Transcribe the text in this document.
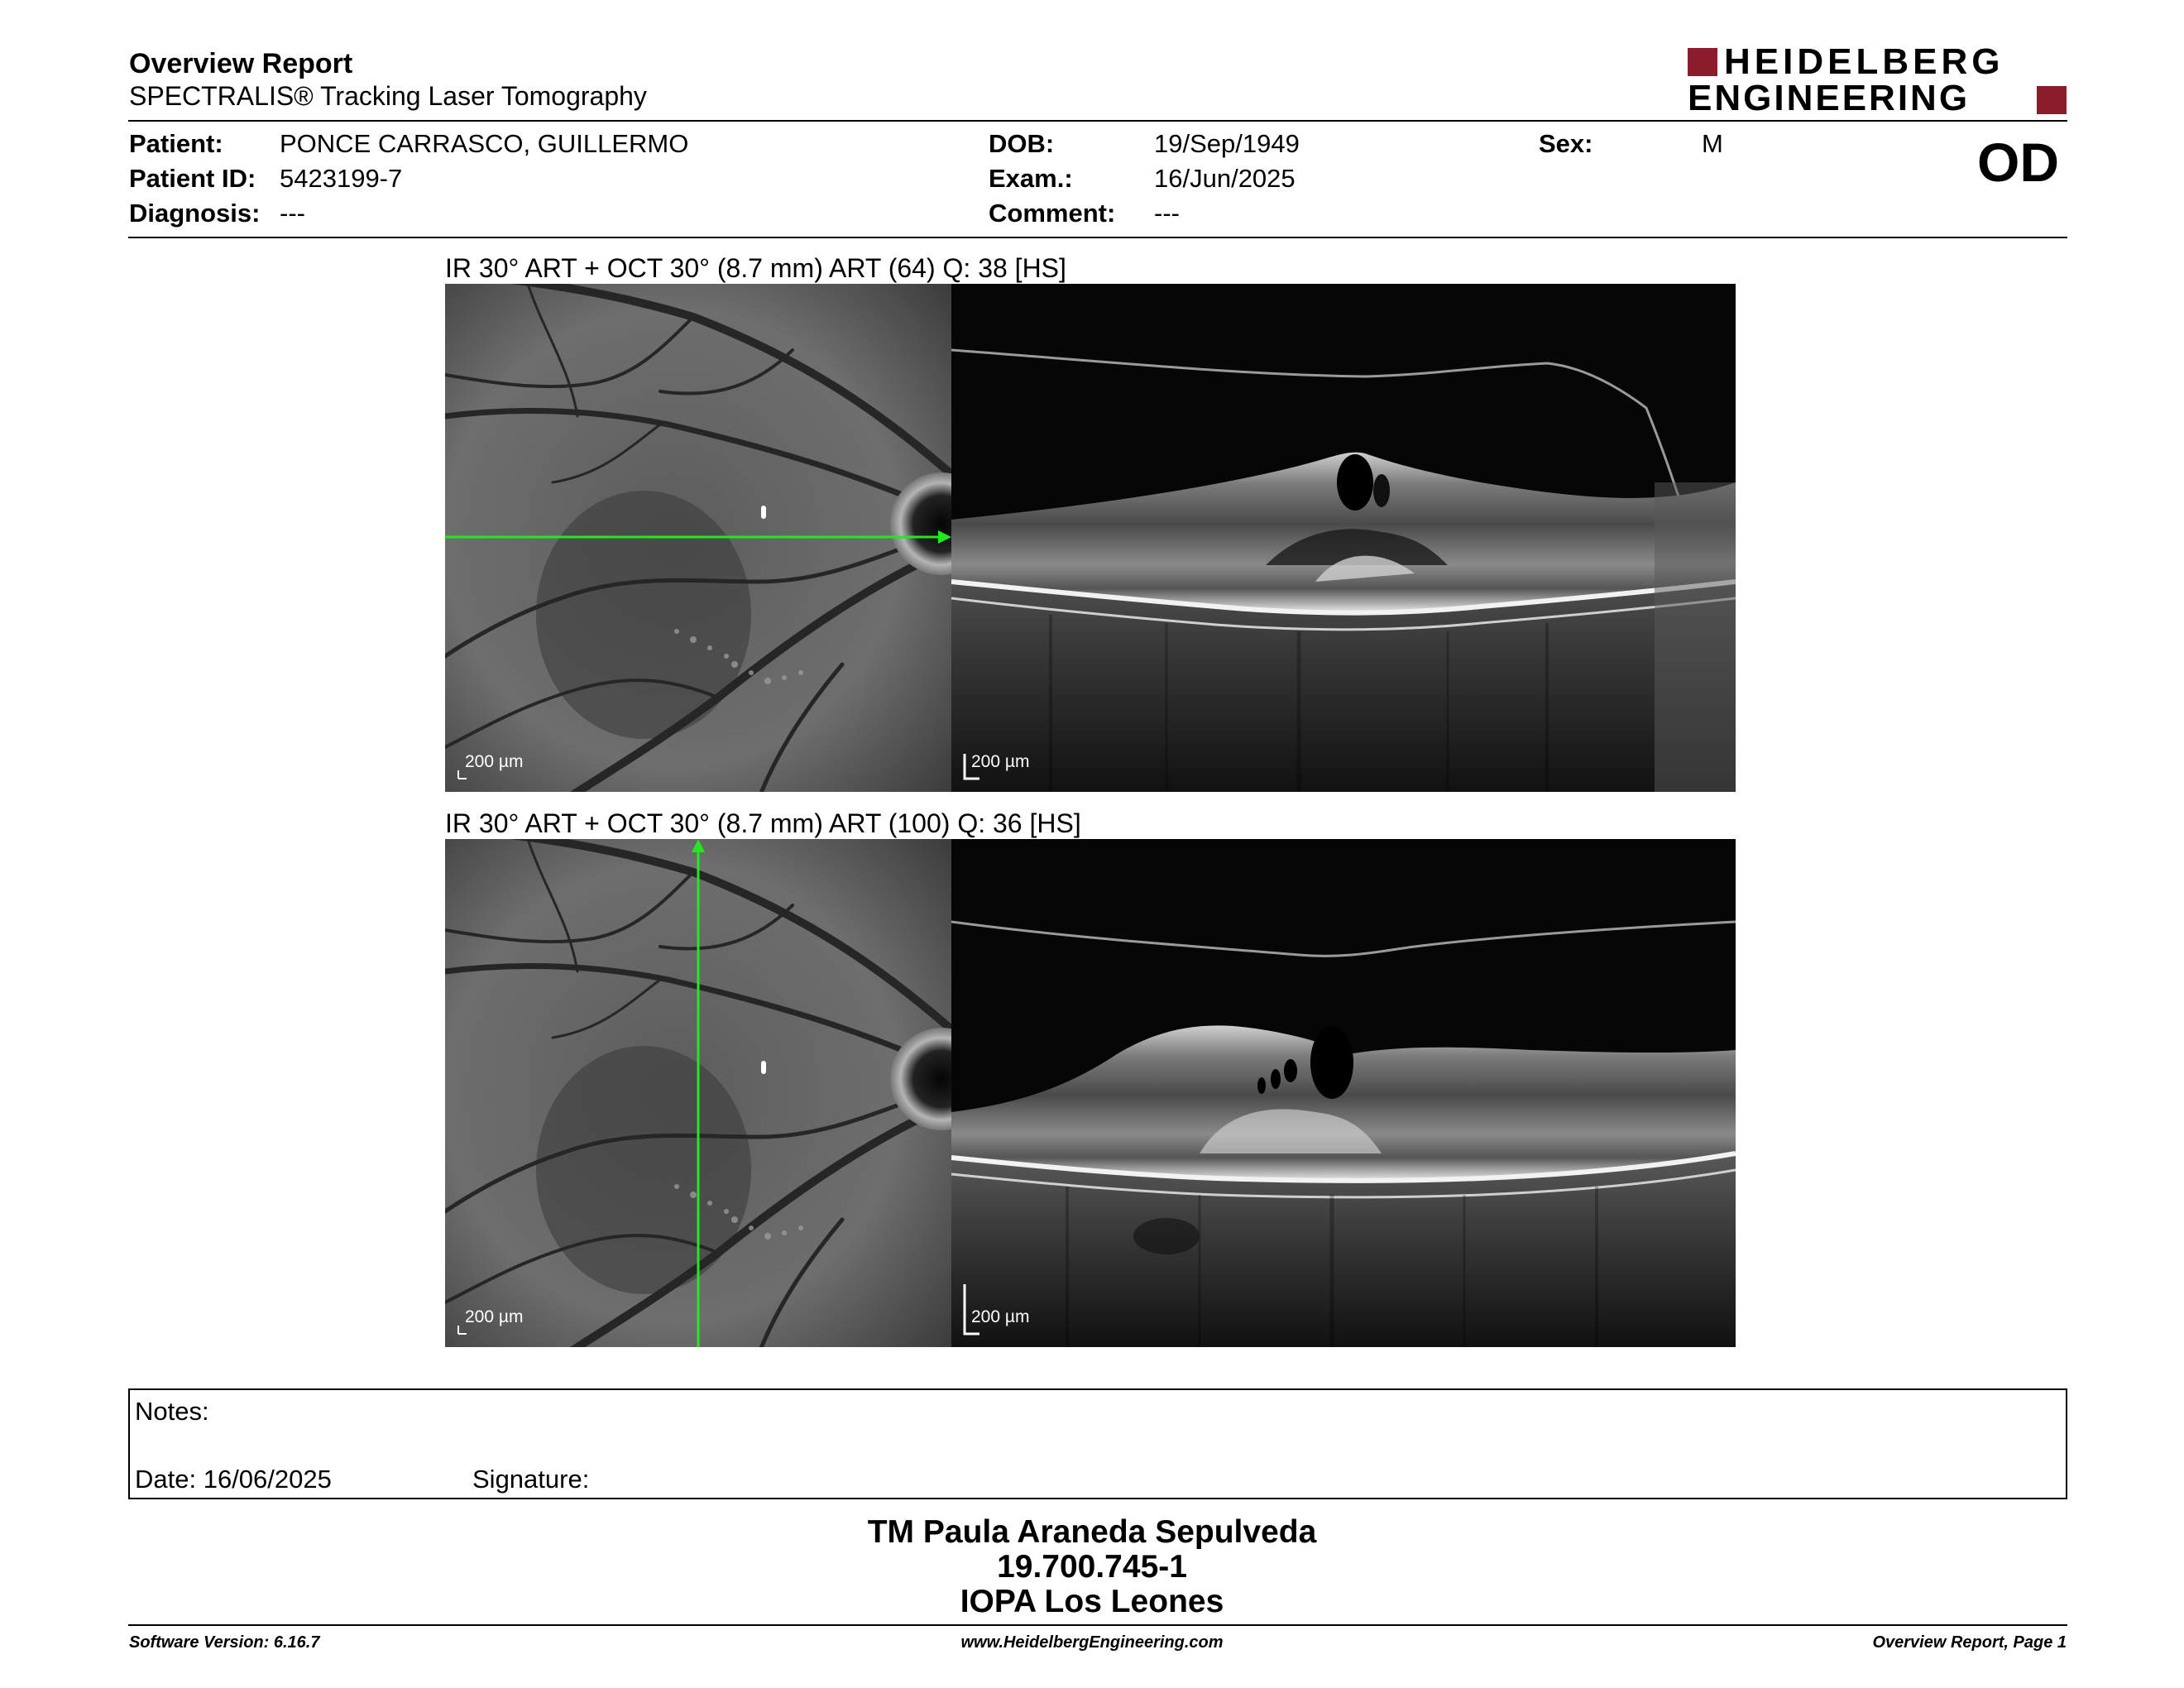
Overview Report
SPECTRALIS® Tracking Laser Tomography
HEIDELBERG
ENGINEERING
Patient: PONCE CARRASCO, GUILLERMO
Patient ID: 5423199-7
Diagnosis: ---
DOB:	19/Sep/1949
Exam.:	16/Jun/2025
Comment: ---
Sex:	M	OD
IR 30° ART + OCT 30° (8.7 mm) ART (64) Q: 38 [HS]
200 µm	200 µm
IR 30° ART + OCT 30° (8.7 mm) ART (100) Q: 36 [HS]
200 µm	200 µm
Notes:
Date: 16/06/2025	Signature:
TM Paula Araneda Sepulveda
19.700.745-1
IOPA Los Leones
Software Version: 6.16.7	www.HeidelbergEngineering.com	Overview Report, Page 1
